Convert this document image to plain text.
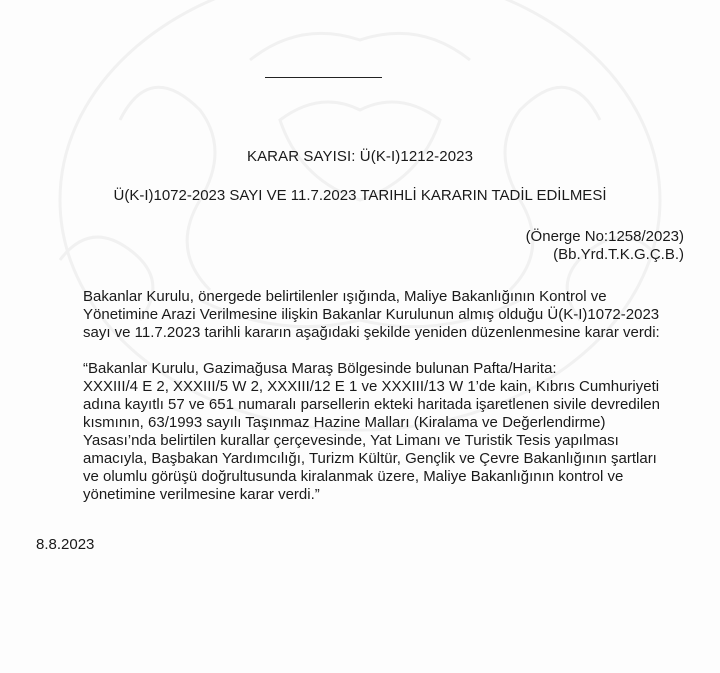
KARAR SAYISI: Ü(K-I)1212-2023
Ü(K-I)1072-2023 SAYI VE 11.7.2023 TARIHLİ KARARIN TADİL EDİLMESİ
(Önerge No:1258/2023)
(Bb.Yrd.T.K.G.Ç.B.)
Bakanlar Kurulu, önergede belirtilenler ışığında, Maliye Bakanlığının Kontrol ve
Yönetimine Arazi Verilmesine ilişkin Bakanlar Kurulunun almış olduğu Ü(K-I)1072-2023
sayı ve 11.7.2023 tarihli kararın aşağıdaki şekilde yeniden düzenlenmesine karar verdi:
“Bakanlar Kurulu, Gazimağusa Maraş Bölgesinde bulunan Pafta/Harita:
XXXIII/4 E 2, XXXIII/5 W 2, XXXIII/12 E 1 ve XXXIII/13 W 1’de kain, Kıbrıs Cumhuriyeti
adına kayıtlı 57 ve 651 numaralı parsellerin ekteki haritada işaretlenen sivile devredilen
kısmının, 63/1993 sayılı Taşınmaz Hazine Malları (Kiralama ve Değerlendirme)
Yasası’nda belirtilen kurallar çerçevesinde, Yat Limanı ve Turistik Tesis yapılması
amacıyla, Başbakan Yardımcılığı, Turizm Kültür, Gençlik ve Çevre Bakanlığının şartları
ve olumlu görüşü doğrultusunda kiralanmak üzere, Maliye Bakanlığının kontrol ve
yönetimine verilmesine karar verdi.”
8.8.2023
